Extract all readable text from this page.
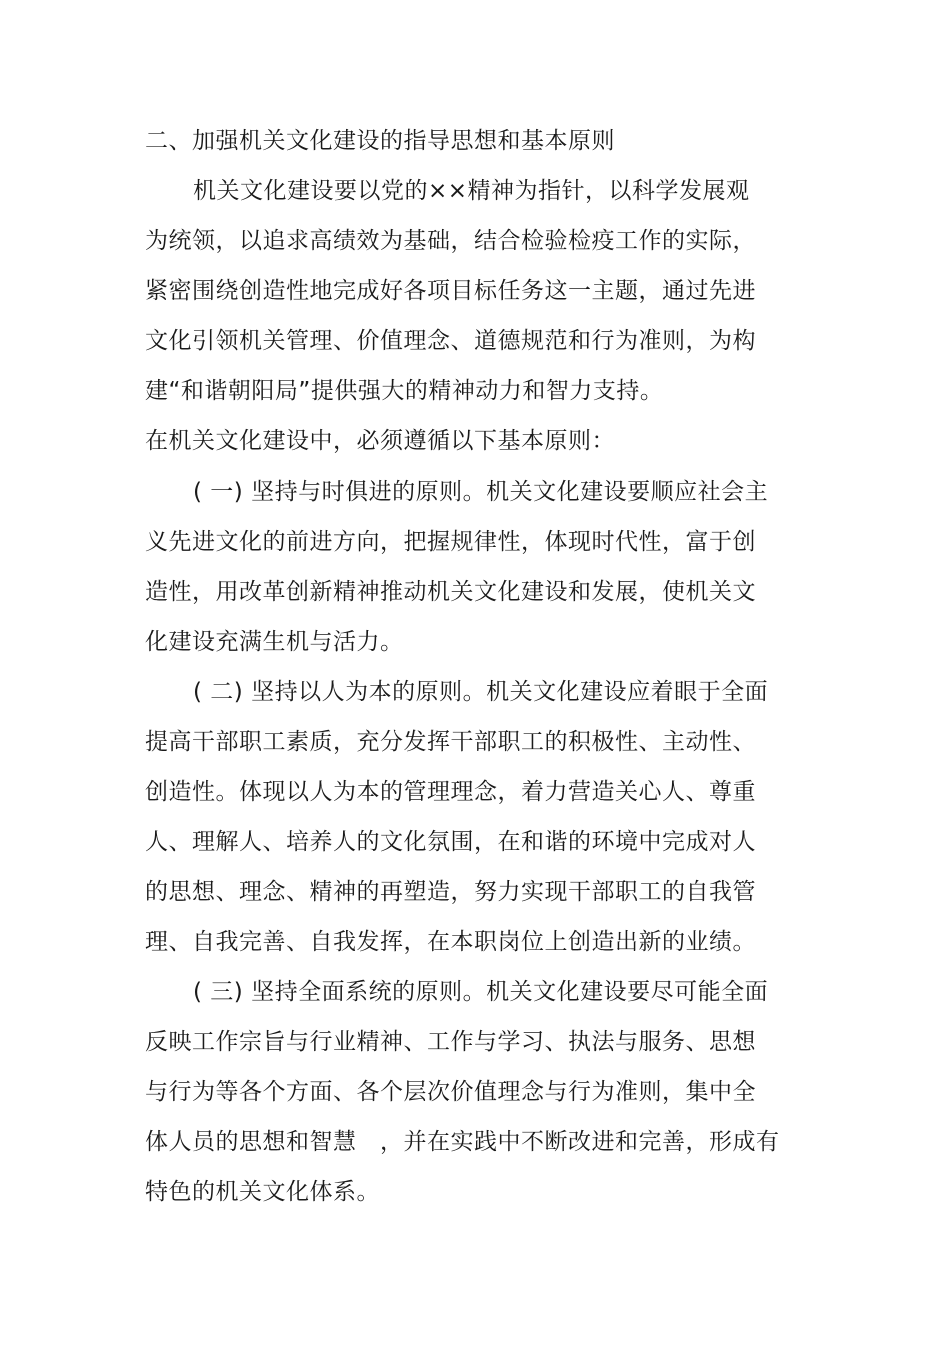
二、加强机关文化建设的指导思想和基本原则
机关文化建设要以党的××精神为指针，以科学发展观
为统领，以追求高绩效为基础，结合检验检疫工作的实际，
紧密围绕创造性地完成好各项目标任务这一主题，通过先进
文化引领机关管理、价值理念、道德规范和行为准则，为构
建“和谐朝阳局”提供强大的精神动力和智力支持。
在机关文化建设中，必须遵循以下基本原则：
( 一) 坚持与时俱进的原则。机关文化建设要顺应社会主
义先进文化的前进方向，把握规律性，体现时代性，富于创
造性，用改革创新精神推动机关文化建设和发展，使机关文
化建设充满生机与活力。
( 二) 坚持以人为本的原则。机关文化建设应着眼于全面
提高干部职工素质，充分发挥干部职工的积极性、主动性、
创造性。体现以人为本的管理理念，着力营造关心人、尊重
人、理解人、培养人的文化氛围，在和谐的环境中完成对人
的思想、理念、精神的再塑造，努力实现干部职工的自我管
理、自我完善、自我发挥，在本职岗位上创造出新的业绩。
( 三) 坚持全面系统的原则。机关文化建设要尽可能全面
反映工作宗旨与行业精神、工作与学习、执法与服务、思想
与行为等各个方面、各个层次价值理念与行为准则，集中全
体人员的思想和智慧　，并在实践中不断改进和完善，形成有
特色的机关文化体系。
